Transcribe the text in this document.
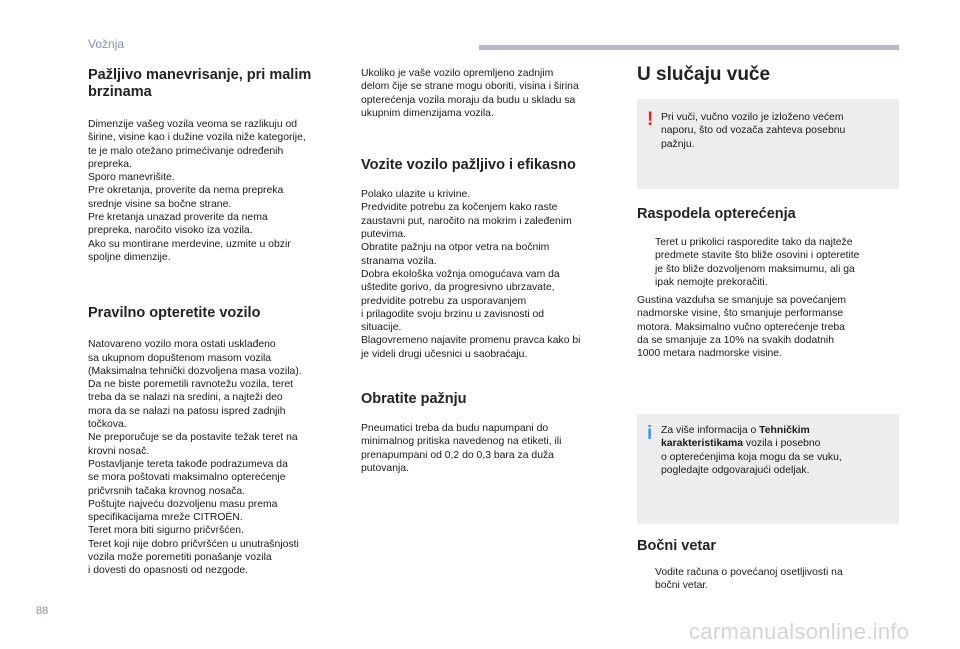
Vožnja
Pažljivo manevrisanje, pri malim brzinama

Dimenzije vašeg vozila veoma se razlikuju od
širine, visine kao i dužine vozila niže kategorije,
te je malo otežano primećivanje određenih
prepreka.
Sporo manevrišite.
Pre okretanja, proverite da nema prepreka
srednje visine sa bočne strane.
Pre kretanja unazad proverite da nema
prepreka, naročito visoko iza vozila.
Ako su montirane merdevine, uzmite u obzir
spoljne dimenzije.

Pravilno opteretite vozilo

Natovareno vozilo mora ostati usklađeno
sa ukupnom dopuštenom masom vozila
(Maksimalna tehnički dozvoljena masa vozila).
Da ne biste poremetili ravnotežu vozila, teret
treba da se nalazi na sredini, a najteži deo
mora da se nalazi na patosu ispred zadnjih
točkova.
Ne preporučuje se da postavite težak teret na
krovni nosač.
Postavljanje tereta takođe podrazumeva da
se mora poštovati maksimalno opterećenje
pričvrsnih tačaka krovnog nosača.
Poštujte najveću dozvoljenu masu prema
specifikacijama mreže CITROËN.
Teret mora biti sigurno pričvršćen.
Teret koji nije dobro pričvršćen u unutrašnjosti
vozila može poremetiti ponašanje vozila
i dovesti do opasnosti od nezgode.

Ukoliko je vaše vozilo opremljeno zadnjim
delom čije se strane mogu oboriti, visina i širina
opterećenja vozila moraju da budu u skladu sa
ukupnim dimenzijama vozila.

Vozite vozilo pažljivo i efikasno

Polako ulazite u krivine.
Predvidite potrebu za kočenjem kako raste
zaustavni put, naročito na mokrim i zaleđenim
putevima.
Obratite pažnju na otpor vetra na bočnim
stranama vozila.
Dobra ekološka vožnja omogućava vam da
uštedite gorivo, da progresivno ubrzavate,
predvidite potrebu za usporavanjem
i prilagodite svoju brzinu u zavisnosti od
situacije.
Blagovremeno najavite promenu pravca kako bi
je videli drugi učesnici u saobraćaju.

Obratite pažnju

Pneumatici treba da budu napumpani do
minimalnog pritiska navedenog na etiketi, ili
prenapumpani od 0,2 do 0,3 bara za duža
putovanja.

U slučaju vuče
! Pri vuči, vučno vozilo je izloženo većem
naporu, što od vozača zahteva posebnu
pažnju.
Raspodela opterećenja
Teret u prikolici rasporedite tako da najteže
predmete stavite što bliže osovini i opteretite
je što bliže dozvoljenom maksimumu, ali ga
ipak nemojte prekoračiti.

Gustina vazduha se smanjuje sa povećanjem
nadmorske visine, što smanjuje performanse
motora. Maksimalno vučno opterećenje treba
da se smanjuje za 10% na svakih dodatnih
1000 metara nadmorske visine.

i Za više informacija o Tehničkim
karakteristikama vozila i posebno
o opterećenjima koja mogu da se vuku,
pogledajte odgovarajući odeljak.
Bočni vetar
Vodite računa o povećanoj osetljivosti na
bočni vetar.
88
carmanualsonline.info
